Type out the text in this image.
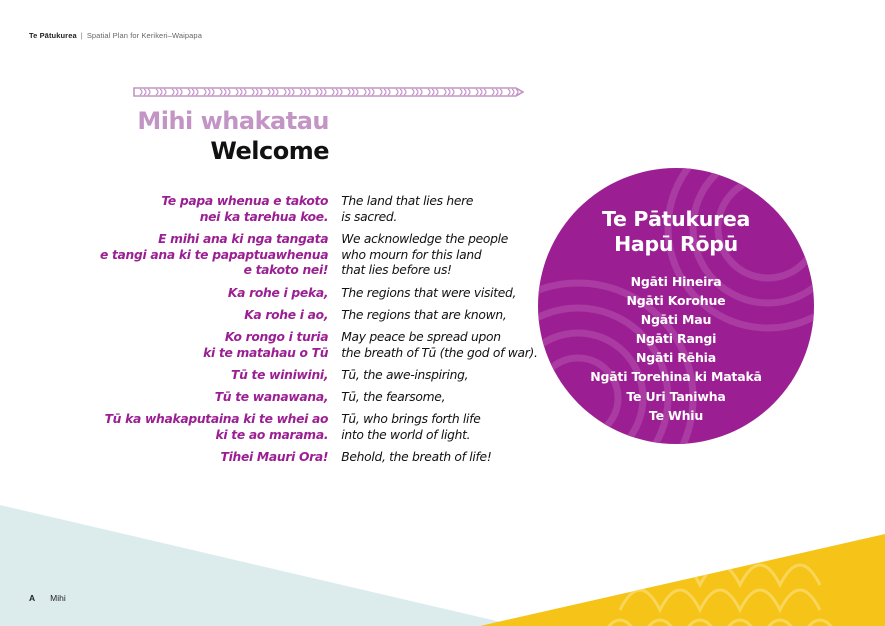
Te Pātukurea | Spatial Plan for Kerikeri–Waipapa
Mihi whakatau
Welcome
Te papa whenua e takoto
nei ka tarehua koe.
The land that lies here
is sacred.
E mihi ana ki nga tangata
e tangi ana ki te papaptuawhenua
e takoto nei!
We acknowledge the people
who mourn for this land
that lies before us!
Ka rohe i peka, The regions that were visited,
Ka rohe i ao, The regions that are known,
Ko rongo i turia
ki te matahau o Tū
May peace be spread upon
the breath of Tū (the god of war).
Tū te winiwini, Tū, the awe-inspiring,
Tū te wanawana, Tū, the fearsome,
Tū ka whakaputaina ki te whei ao
ki te ao marama.
Tū, who brings forth life
into the world of light.
Tihei Mauri Ora! Behold, the breath of life!
Te Pātukurea
Hapū Rōpū
Ngāti Hineira
Ngāti Korohue
Ngāti Mau
Ngāti Rangi
Ngāti Rēhia
Ngāti Torehina ki Matakā
Te Uri Taniwha
Te Whiu
A Mihi
